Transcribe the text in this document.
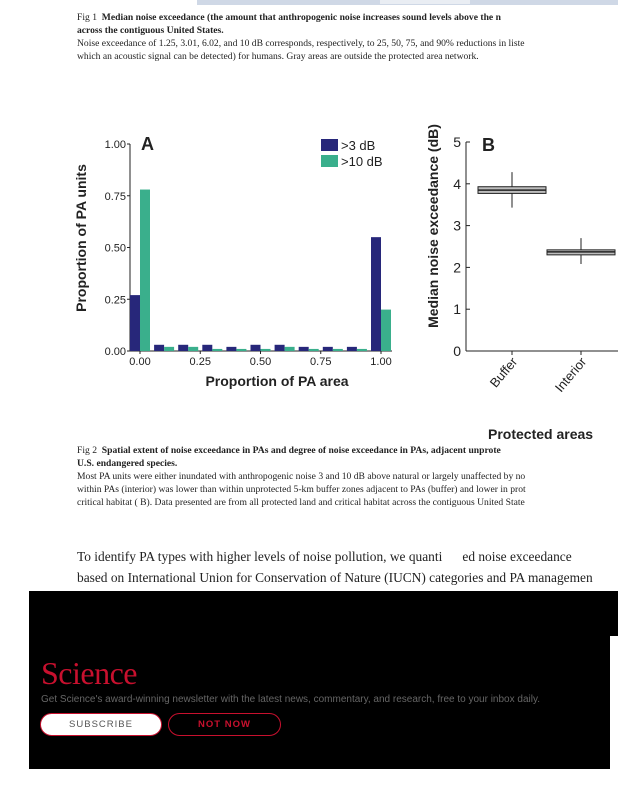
Fig 1 Median noise exceedance (the amount that anthropogenic noise increases sound levels above the n
across the contiguous United States.
Noise exceedance of 1.25, 3.01, 6.02, and 10 dB corresponds, respectively, to 25, 50, 75, and 90% reductions in liste
which an acoustic signal can be detected) for humans. Gray areas are outside the protected area network.
A
0.00
0.25
0.50
0.75
1.00
0.00	0.25	0.50	0.75	1.00
Proportion of PA units
Proportion of PA area
>3 dB
>10 dB
B
0
1
2
3
4
5
Buffer Interior
Median noise exceedance (dB)
Protected areas
Fig 2 Spatial extent of noise exceedance in PAs and degree of noise exceedance in PAs, adjacent unprote
U.S. endangered species.
Most PA units were either inundated with anthropogenic noise 3 and 10 dB above natural or largely unaffected by no
within PAs (interior) was lower than within unprotected 5-km buffer zones adjacent to PAs (buffer) and lower in prot
critical habitat ( B). Data presented are from all protected land and critical habitat across the contiguous United State
To identify PA types with higher levels of noise pollution, we quanti      ed noise exceedance
based on International Union for Conservation of Nature (IUCN) categories and PA managemen
Science
Get Science's award-winning newsletter with the latest news, commentary, and research, free to your inbox daily.
SUBSCRIBE	NOT NOW
